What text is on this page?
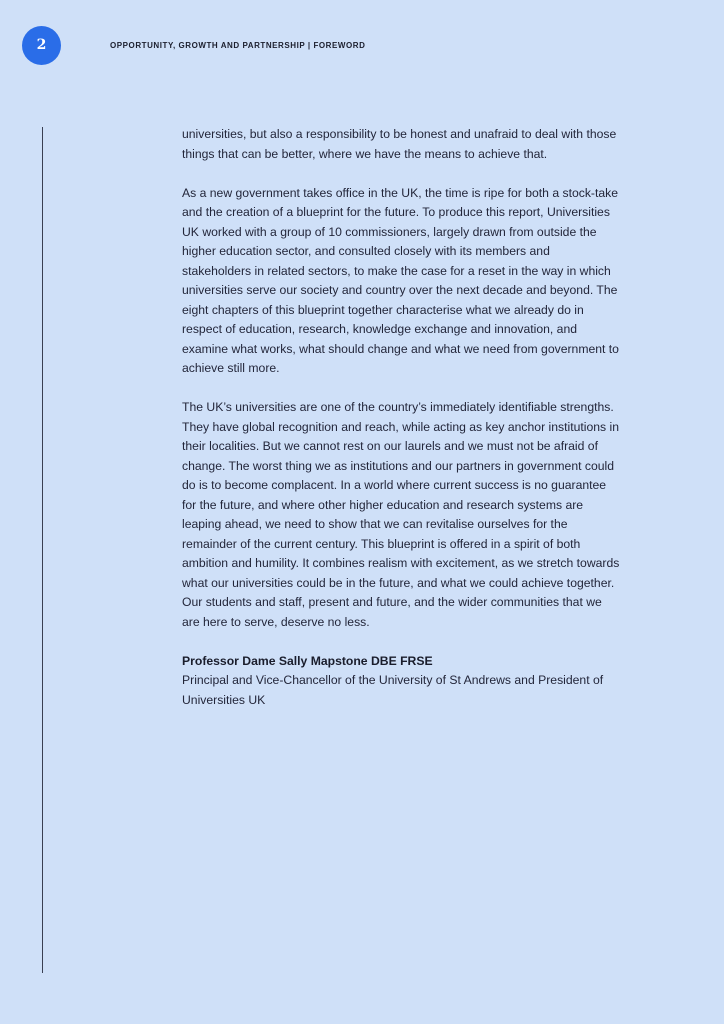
2	OPPORTUNITY, GROWTH AND PARTNERSHIP | FOREWORD

universities, but also a responsibility to be honest and unafraid to deal with those things that can be better, where we have the means to achieve that.

As a new government takes office in the UK, the time is ripe for both a stock-take and the creation of a blueprint for the future. To produce this report, Universities UK worked with a group of 10 commissioners, largely drawn from outside the higher education sector, and consulted closely with its members and stakeholders in related sectors, to make the case for a reset in the way in which universities serve our society and country over the next decade and beyond. The eight chapters of this blueprint together characterise what we already do in respect of education, research, knowledge exchange and innovation, and examine what works, what should change and what we need from government to achieve still more.

The UK’s universities are one of the country’s immediately identifiable strengths. They have global recognition and reach, while acting as key anchor institutions in their localities. But we cannot rest on our laurels and we must not be afraid of change. The worst thing we as institutions and our partners in government could do is to become complacent. In a world where current success is no guarantee for the future, and where other higher education and research systems are leaping ahead, we need to show that we can revitalise ourselves for the remainder of the current century. This blueprint is offered in a spirit of both ambition and humility. It combines realism with excitement, as we stretch towards what our universities could be in the future, and what we could achieve together. Our students and staff, present and future, and the wider communities that we are here to serve, deserve no less.

Professor Dame Sally Mapstone DBE FRSE
Principal and Vice-Chancellor of the University of St Andrews and President of Universities UK
